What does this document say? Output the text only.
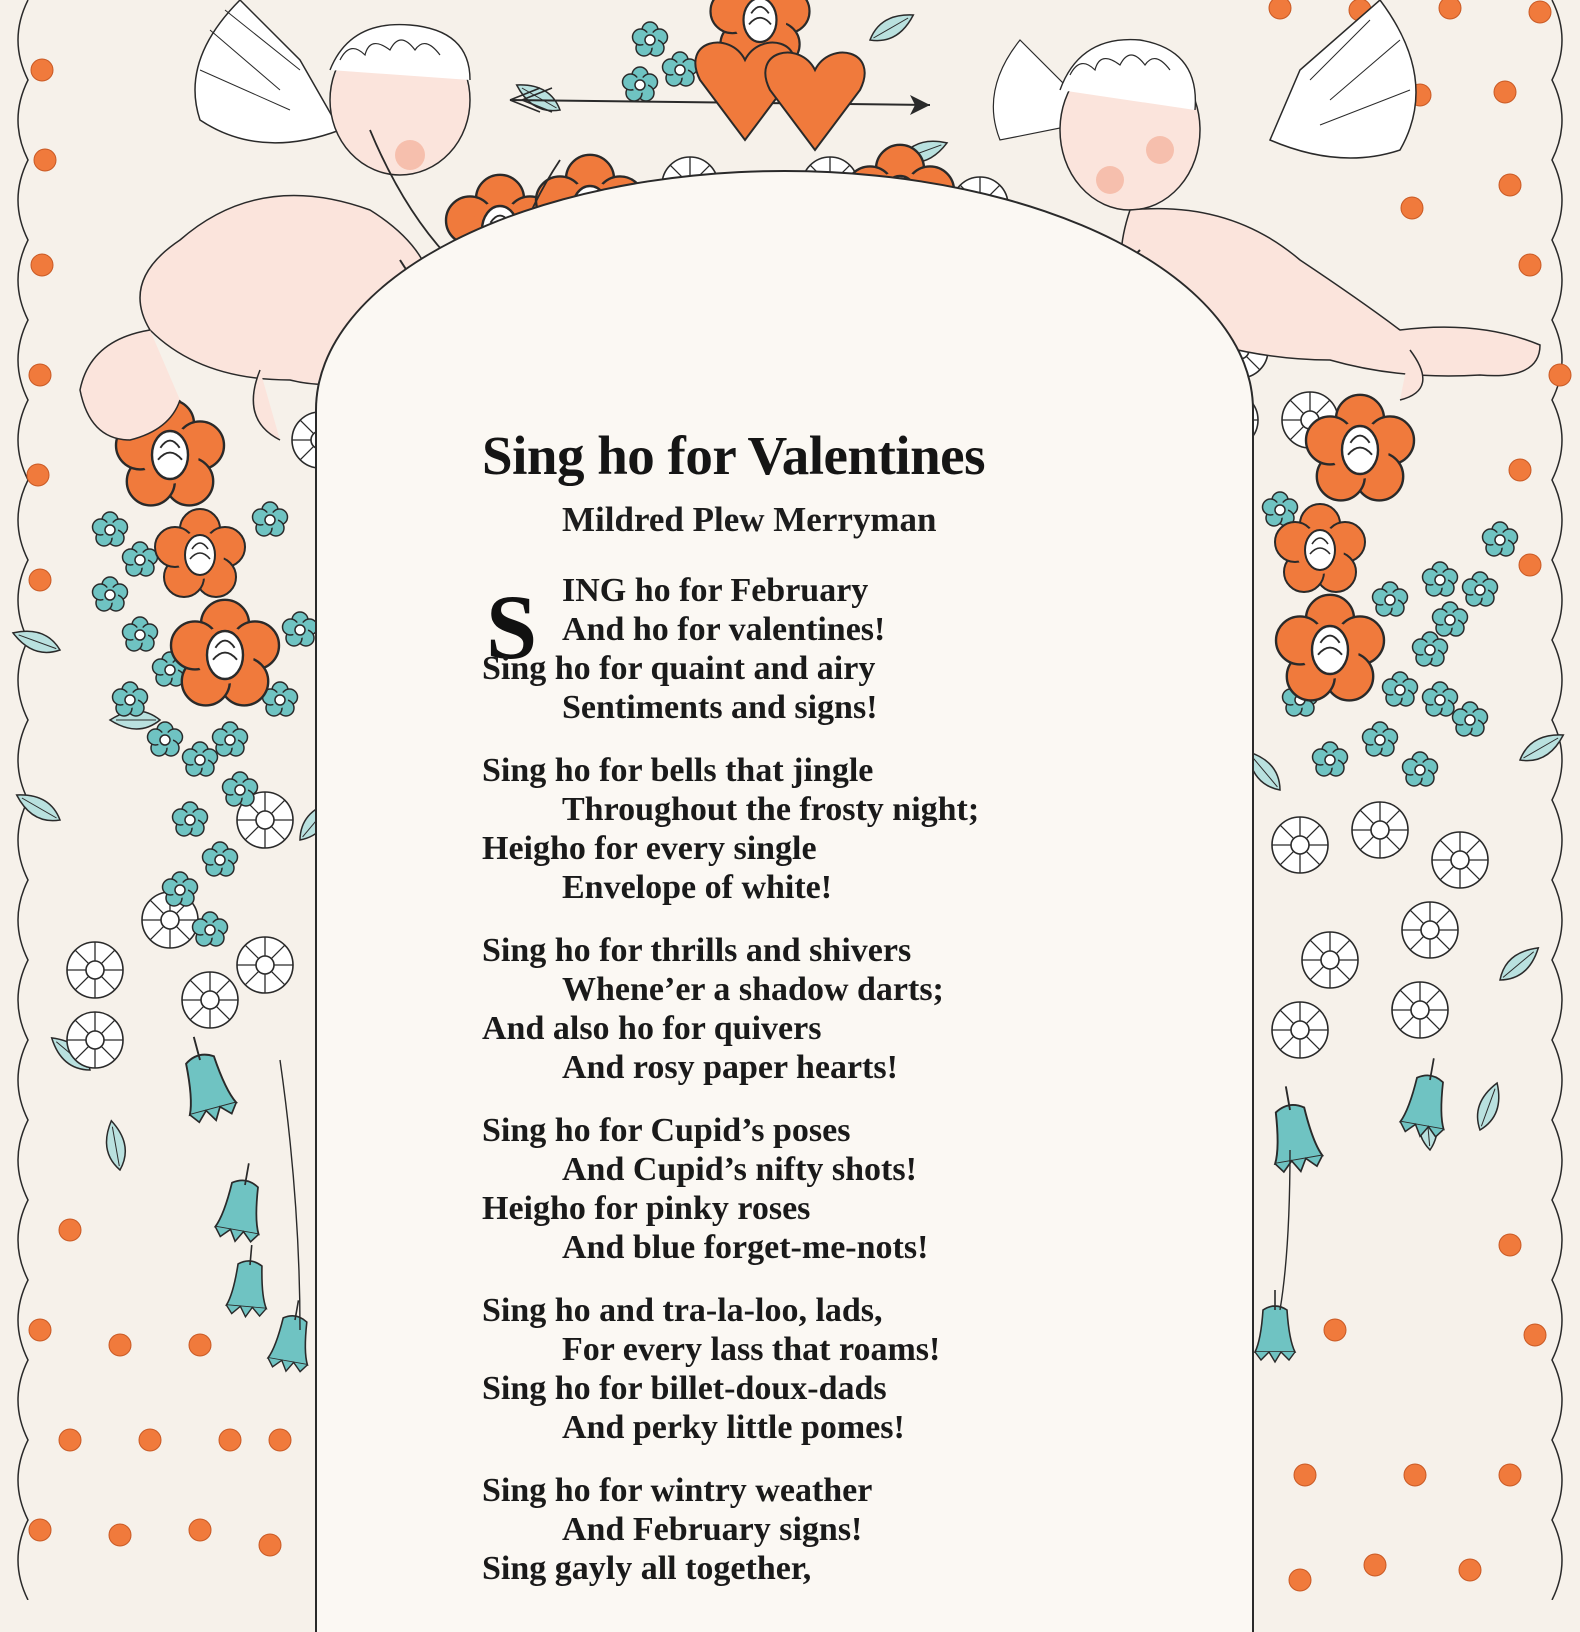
Sing ho for Valentines
Mildred Plew Merryman
S ING ho for February
And ho for valentines!
Sing ho for quaint and airy
Sentiments and signs!
Sing ho for bells that jingle
Throughout the frosty night;
Heigho for every single
Envelope of white!
Sing ho for thrills and shivers
Whene’er a shadow darts;
And also ho for quivers
And rosy paper hearts!
Sing ho for Cupid’s poses
And Cupid’s nifty shots!
Heigho for pinky roses
And blue forget-me-nots!
Sing ho and tra-la-loo, lads,
For every lass that roams!
Sing ho for billet-doux-dads
And perky little pomes!
Sing ho for wintry weather
And February signs!
Sing gayly all together,
